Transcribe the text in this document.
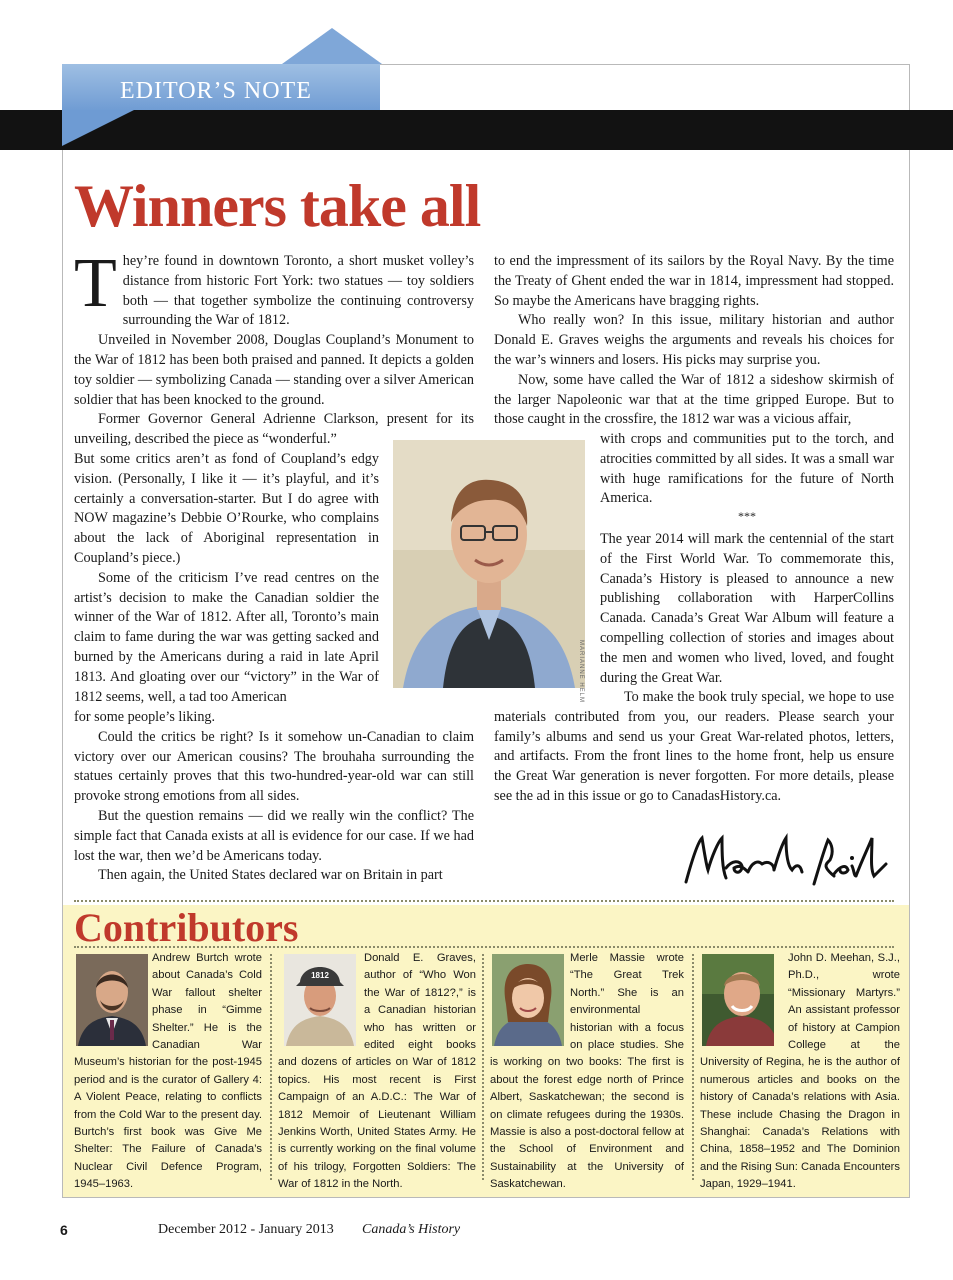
EDITOR’S NOTE
Winners take all
T hey’re found in downtown Toronto, a short musket volley’s distance from historic Fort York: two statues — toy soldiers both — that together symbolize the continuing controversy surrounding the War of 1812.
Unveiled in November 2008, Douglas Coupland’s Monument to the War of 1812 has been both praised and panned. It depicts a golden toy soldier — symbolizing Canada — standing over a silver American soldier that has been knocked to the ground.
Former Governor General Adrienne Clarkson, present for its unveiling, described the piece as “wonderful.”
But some critics aren’t as fond of Coupland’s edgy vision. (Personally, I like it — it’s playful, and it’s certainly a conversation-starter. But I do agree with NOW magazine’s Debbie O’Rourke, who complains about the lack of Aboriginal representation in Coupland’s piece.)
Some of the criticism I’ve read centres on the artist’s decision to make the Canadian soldier the winner of the War of 1812. After all, Toronto’s main claim to fame during the war was getting sacked and burned by the Americans during a raid in late April 1813. And gloating over our “victory” in the War of 1812 seems, well, a tad too American
for some people’s liking.
Could the critics be right? Is it somehow un-Canadian to claim victory over our American cousins? The brouhaha surrounding the statues certainly proves that this two-hundred-year-old war can still provoke strong emotions from all sides.
But the question remains — did we really win the conflict? The simple fact that Canada exists at all is evidence for our case. If we had lost the war, then we’d be Americans today.
Then again, the United States declared war on Britain in part
to end the impressment of its sailors by the Royal Navy. By the time the Treaty of Ghent ended the war in 1814, impressment had stopped. So maybe the Americans have bragging rights.
Who really won? In this issue, military historian and author Donald E. Graves weighs the arguments and reveals his choices for the war’s winners and losers. His picks may surprise you.
Now, some have called the War of 1812 a sideshow skirmish of the larger Napoleonic war that at the time gripped Europe. But to those caught in the crossfire, the 1812 war was a vicious affair,
with crops and communities put to the torch, and atrocities committed by all sides. It was a small war with huge ramifications for the future of North America.
***
The year 2014 will mark the centennial of the start of the First World War. To commemorate this, Canada’s History is pleased to announce a new publishing collaboration with HarperCollins Canada. Canada’s Great War Album will feature a compelling collection of stories and images about the men and women who lived, loved, and fought during the Great War.
To make the book truly special, we hope to use materials contributed from you, our readers. Please search your family’s albums and send us your Great War-related photos, letters, and artifacts. From the front lines to the home front, help us ensure the Great War generation is never forgotten. For more details, please see the ad in this issue or go to CanadasHistory.ca.
MARIANNE HELM
Contributors

Andrew Burtch wrote about Canada’s Cold War fallout shelter phase in “Gimme Shelter.” He is the Canadian War Museum’s historian for the post-1945 period and is the curator of Gallery 4: A Violent Peace, relating to conflicts from the Cold War to the present day. Burtch’s first book was Give Me Shelter: The Failure of Canada’s Nuclear Civil Defence Program, 1945–1963.

1812

Donald E. Graves, author of “Who Won the War of 1812?,” is a Canadian historian who has written or edited eight books and dozens of articles on War of 1812 topics. His most recent is First Campaign of an A.D.C.: The War of 1812 Memoir of Lieutenant William Jenkins Worth, United States Army. He is currently working on the final volume of his trilogy, Forgotten Soldiers: The War of 1812 in the North.

Merle Massie wrote “The Great Trek North.” She is an environmental historian with a focus on place studies. She is working on two books: The first is about the forest edge north of Prince Albert, Saskatchewan; the second is on climate refugees during the 1930s. Massie is also a post-doctoral fellow at the School of Environment and Sustainability at the University of Saskatchewan.

John D. Meehan, S.J., Ph.D., wrote “Missionary Martyrs.” An assistant professor of history at Campion College at the University of Regina, he is the author of numerous articles and books on the history of Canada’s relations with Asia. These include Chasing the Dragon in Shanghai: Canada’s Relations with China, 1858–1952 and The Dominion and the Rising Sun: Canada Encounters Japan, 1929–1941.

6	December 2012 - January 2013 Canada’s History
